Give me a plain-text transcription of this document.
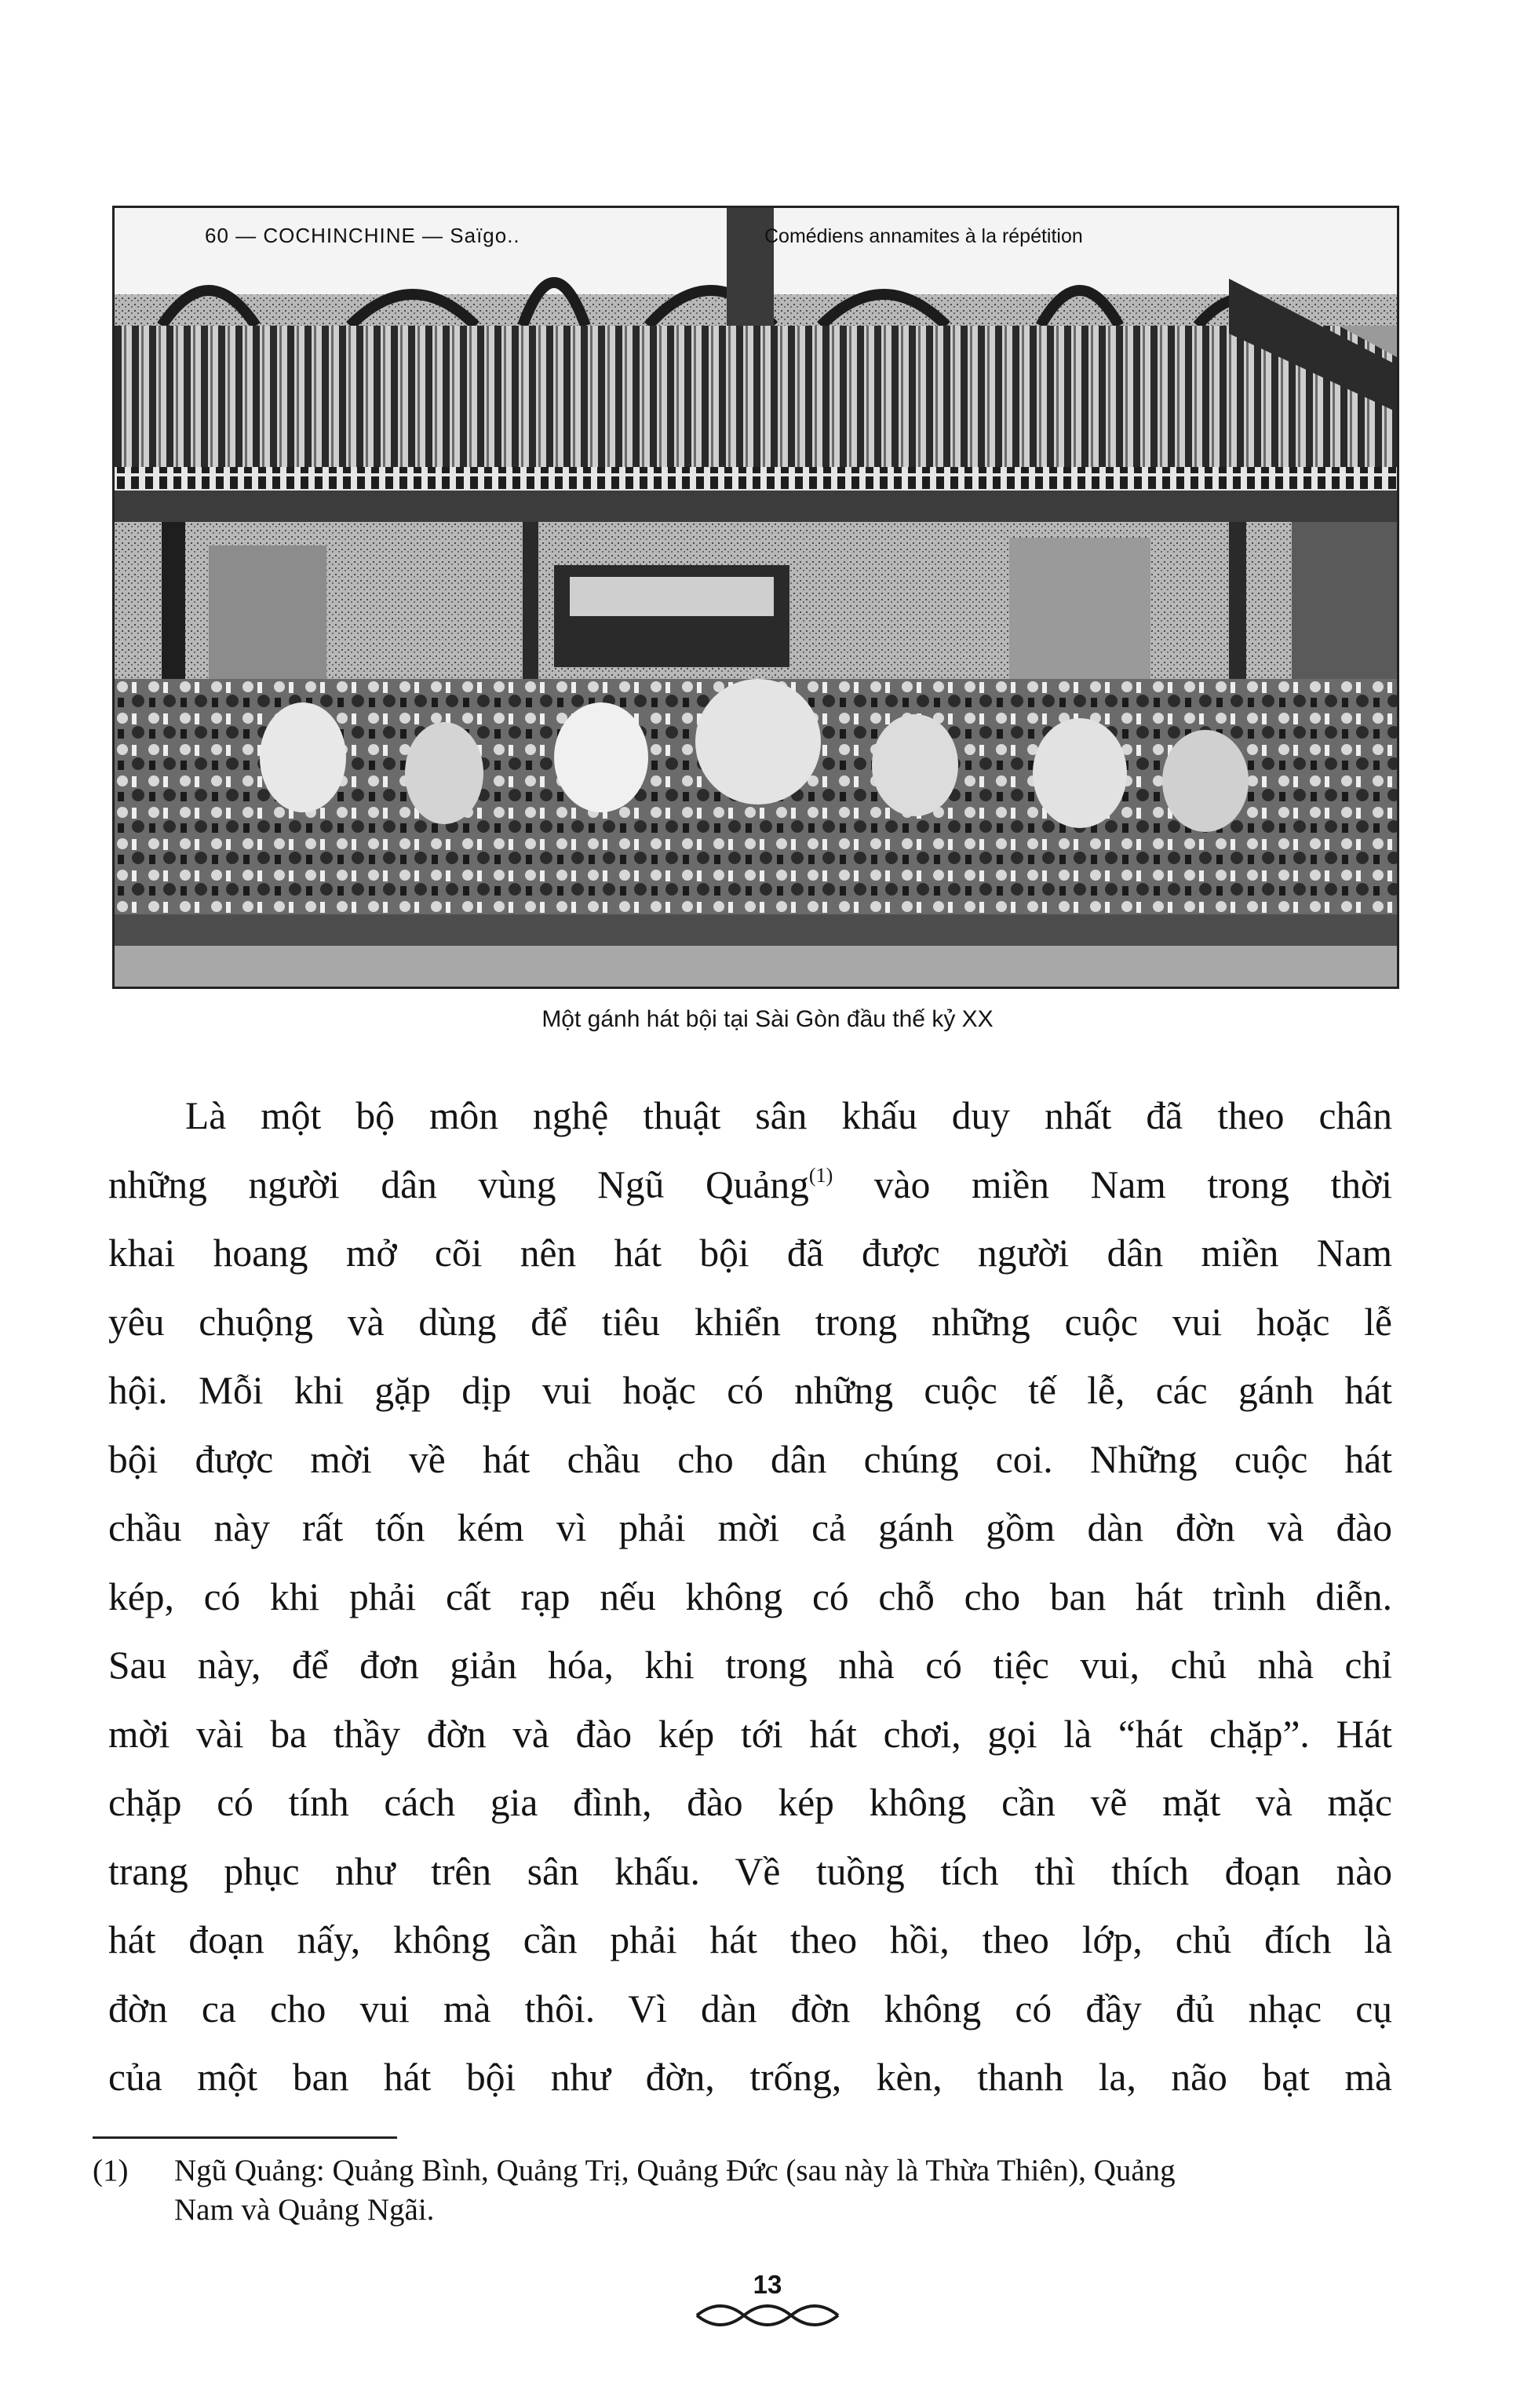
60 — COCHINCHINE — Saïgo..	Comédiens annamites à la répétition
Một gánh hát bội tại Sài Gòn đầu thế kỷ XX
Là một bộ môn nghệ thuật sân khấu duy nhất đã theo chân
những người dân vùng Ngũ Quảng$^{(1)}$ vào miền Nam trong thời
khai hoang mở cõi nên hát bội đã được người dân miền Nam
yêu chuộng và dùng để tiêu khiển trong những cuộc vui hoặc lễ
hội. Mỗi khi gặp dịp vui hoặc có những cuộc tế lễ, các gánh hát
bội được mời về hát chầu cho dân chúng coi. Những cuộc hát
chầu này rất tốn kém vì phải mời cả gánh gồm dàn đờn và đào
kép, có khi phải cất rạp nếu không có chỗ cho ban hát trình diễn.
Sau này, để đơn giản hóa, khi trong nhà có tiệc vui, chủ nhà chỉ
mời vài ba thầy đờn và đào kép tới hát chơi, gọi là “hát chặp”. Hát
chặp có tính cách gia đình, đào kép không cần vẽ mặt và mặc
trang phục như trên sân khấu. Về tuồng tích thì thích đoạn nào
hát đoạn nấy, không cần phải hát theo hồi, theo lớp, chủ đích là
đờn ca cho vui mà thôi. Vì dàn đờn không có đầy đủ nhạc cụ
của một ban hát bội như đờn, trống, kèn, thanh la, não bạt mà
(1) Ngũ Quảng: Quảng Bình, Quảng Trị, Quảng Đức (sau này là Thừa Thiên), Quảng
Nam và Quảng Ngãi.
13
